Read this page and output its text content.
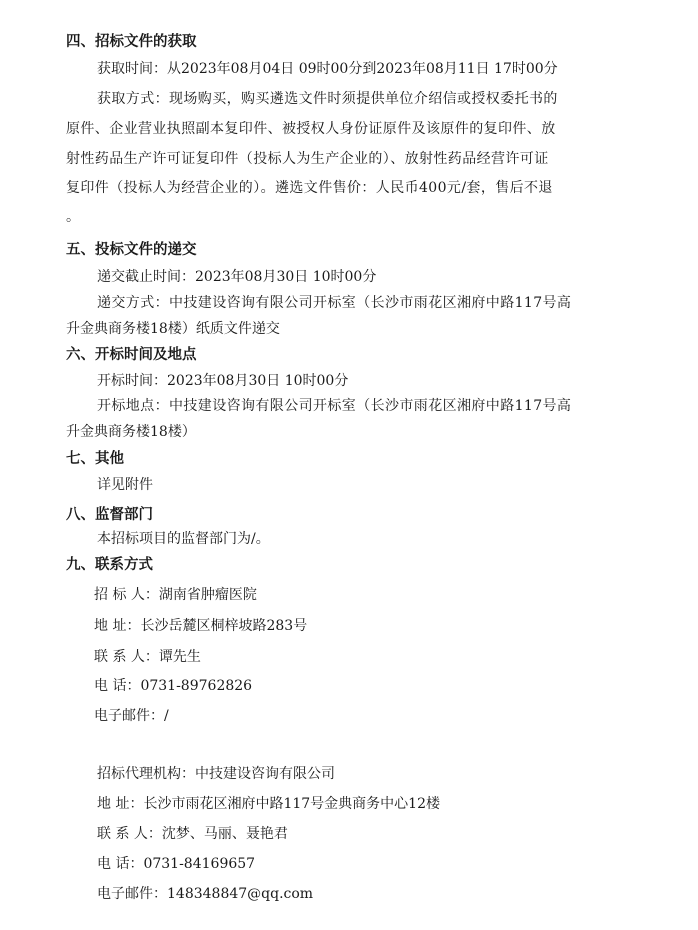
四、招标文件的获取
获取时间：从2023年08月04日 09时00分到2023年08月11日 17时00分
获取方式：现场购买，购买遴选文件时须提供单位介绍信或授权委托书的
原件、企业营业执照副本复印件、被授权人身份证原件及该原件的复印件、放
射性药品生产许可证复印件（投标人为生产企业的）、放射性药品经营许可证
复印件（投标人为经营企业的）。遴选文件售价：人民币400元/套，售后不退
。
五、投标文件的递交
递交截止时间：2023年08月30日 10时00分
递交方式：中技建设咨询有限公司开标室（长沙市雨花区湘府中路117号高
升金典商务楼18楼）纸质文件递交
六、开标时间及地点
开标时间：2023年08月30日 10时00分
开标地点：中技建设咨询有限公司开标室（长沙市雨花区湘府中路117号高
升金典商务楼18楼）
七、其他
详见附件
八、监督部门
本招标项目的监督部门为/。
九、联系方式
招 标 人：湖南省肿瘤医院
地 址：长沙岳麓区桐梓坡路283号
联 系 人：谭先生
电 话：0731-89762826
电子邮件：/
招标代理机构：中技建设咨询有限公司
地 址：长沙市雨花区湘府中路117号金典商务中心12楼
联 系 人：沈梦、马丽、聂艳君
电 话：0731-84169657
电子邮件：148348847@qq.com
